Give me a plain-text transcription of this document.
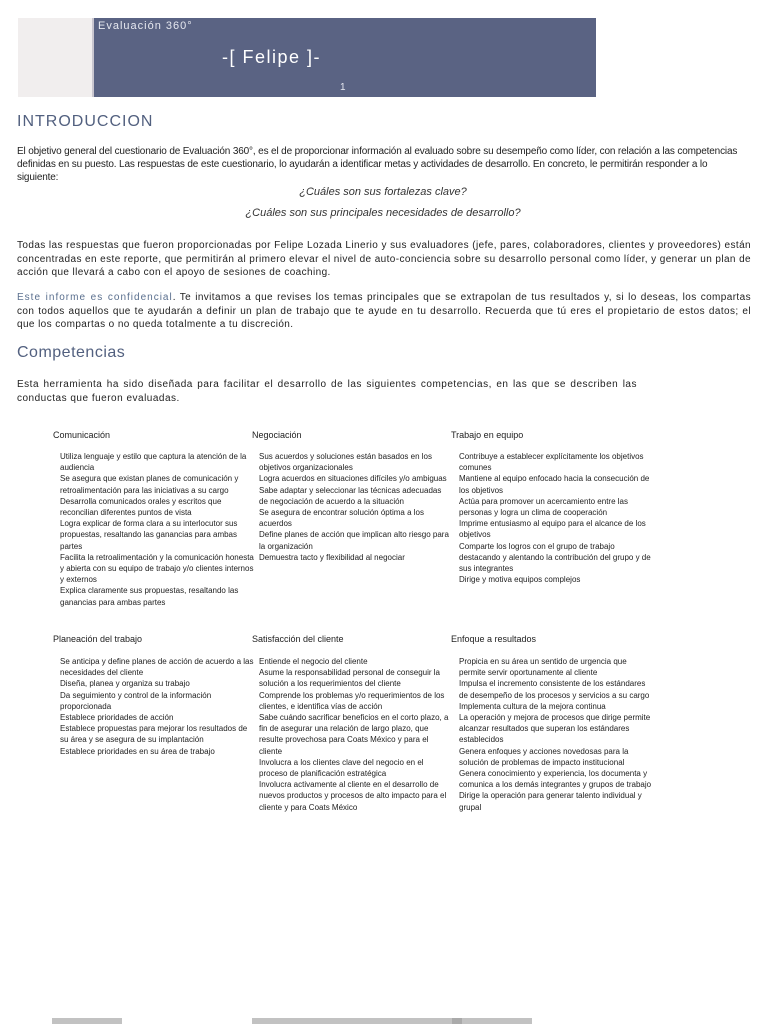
Evaluación 360°
-[ Felipe ]-
1
INTRODUCCION

El objetivo general del cuestionario de Evaluación 360°, es el de proporcionar información al evaluado sobre su desempeño como líder, con relación a las competencias definidas en su puesto. Las respuestas de este cuestionario, lo ayudarán a identificar metas y actividades de desarrollo. En concreto, le permitirán responder a lo siguiente:

¿Cuáles son sus fortalezas clave?

¿Cuáles son sus principales necesidades de desarrollo?

Todas las respuestas que fueron proporcionadas por Felipe Lozada Linerio y sus evaluadores (jefe, pares, colaboradores, clientes y proveedores) están concentradas en este reporte, que permitirán al primero elevar el nivel de auto-conciencia sobre su desarrollo personal como líder, y generar un plan de acción que llevará a cabo con el apoyo de sesiones de coaching.

Este informe es confidencial. Te invitamos a que revises los temas principales que se extrapolan de tus resultados y, si lo deseas, los compartas con todos aquellos que te ayudarán a definir un plan de trabajo que te ayude en tu desarrollo. Recuerda que tú eres el propietario de estos datos; el que los compartas o no queda totalmente a tu discreción.

Competencias

Esta herramienta ha sido diseñada para facilitar el desarrollo de las siguientes competencias, en las que se describen las conductas que fueron evaluadas.

Comunicación

Utiliza lenguaje y estilo que captura la atención de la audiencia
Se asegura que existan planes de comunicación y retroalimentación para las iniciativas a su cargo
Desarrolla comunicados orales y escritos que reconcilian diferentes puntos de vista
Logra explicar de forma clara a su interlocutor sus propuestas, resaltando las ganancias para ambas partes
Facilita la retroalimentación y la comunicación honesta y abierta con su equipo de trabajo y/o clientes internos y externos
Explica claramente sus propuestas, resaltando las ganancias para ambas partes

Negociación

Sus acuerdos y soluciones están basados en los objetivos organizacionales
Logra acuerdos en situaciones difíciles y/o ambiguas
Sabe adaptar y seleccionar las técnicas adecuadas de negociación de acuerdo a la situación
Se asegura de encontrar solución óptima a los acuerdos
Define planes de acción que implican alto riesgo para la organización
Demuestra tacto y flexibilidad al negociar

Trabajo en equipo

Contribuye a establecer explícitamente los objetivos comunes
Mantiene al equipo enfocado hacia la consecución de los objetivos
Actúa para promover un acercamiento entre las personas y logra un clima de cooperación
Imprime entusiasmo al equipo para el alcance de los objetivos
Comparte los logros con el grupo de trabajo destacando y alentando la contribución del grupo y de sus integrantes
Dirige y motiva equipos complejos

Planeación del trabajo

Se anticipa y define planes de acción de acuerdo a las necesidades del cliente
Diseña, planea y organiza su trabajo
Da seguimiento y control de la información proporcionada
Establece prioridades de acción
Establece propuestas para mejorar los resultados de su área y se asegura de su implantación
Establece prioridades en su área de trabajo

Satisfacción del cliente

Entiende el negocio del cliente
Asume la responsabilidad personal de conseguir la solución a los requerimientos del cliente
Comprende los problemas y/o requerimientos de los clientes, e identifica vías de acción
Sabe cuándo sacrificar beneficios en el corto plazo, a fin de asegurar una relación de largo plazo, que resulte provechosa para Coats México y para el cliente
Involucra a los clientes clave del negocio en el proceso de planificación estratégica
Involucra activamente al cliente en el desarrollo de nuevos productos y procesos de alto impacto para el cliente y para Coats México

Enfoque a resultados

Propicia en su área un sentido de urgencia que permite servir oportunamente al cliente
Impulsa el incremento consistente de los estándares de desempeño de los procesos y servicios a su cargo
Implementa cultura de la mejora continua
La operación y mejora de procesos que dirige permite alcanzar resultados que superan los estándares establecidos
Genera enfoques y acciones novedosas para la solución de problemas de impacto institucional
Genera conocimiento y experiencia, los documenta y comunica a los demás integrantes y grupos de trabajo
Dirige la operación para generar talento individual y grupal
